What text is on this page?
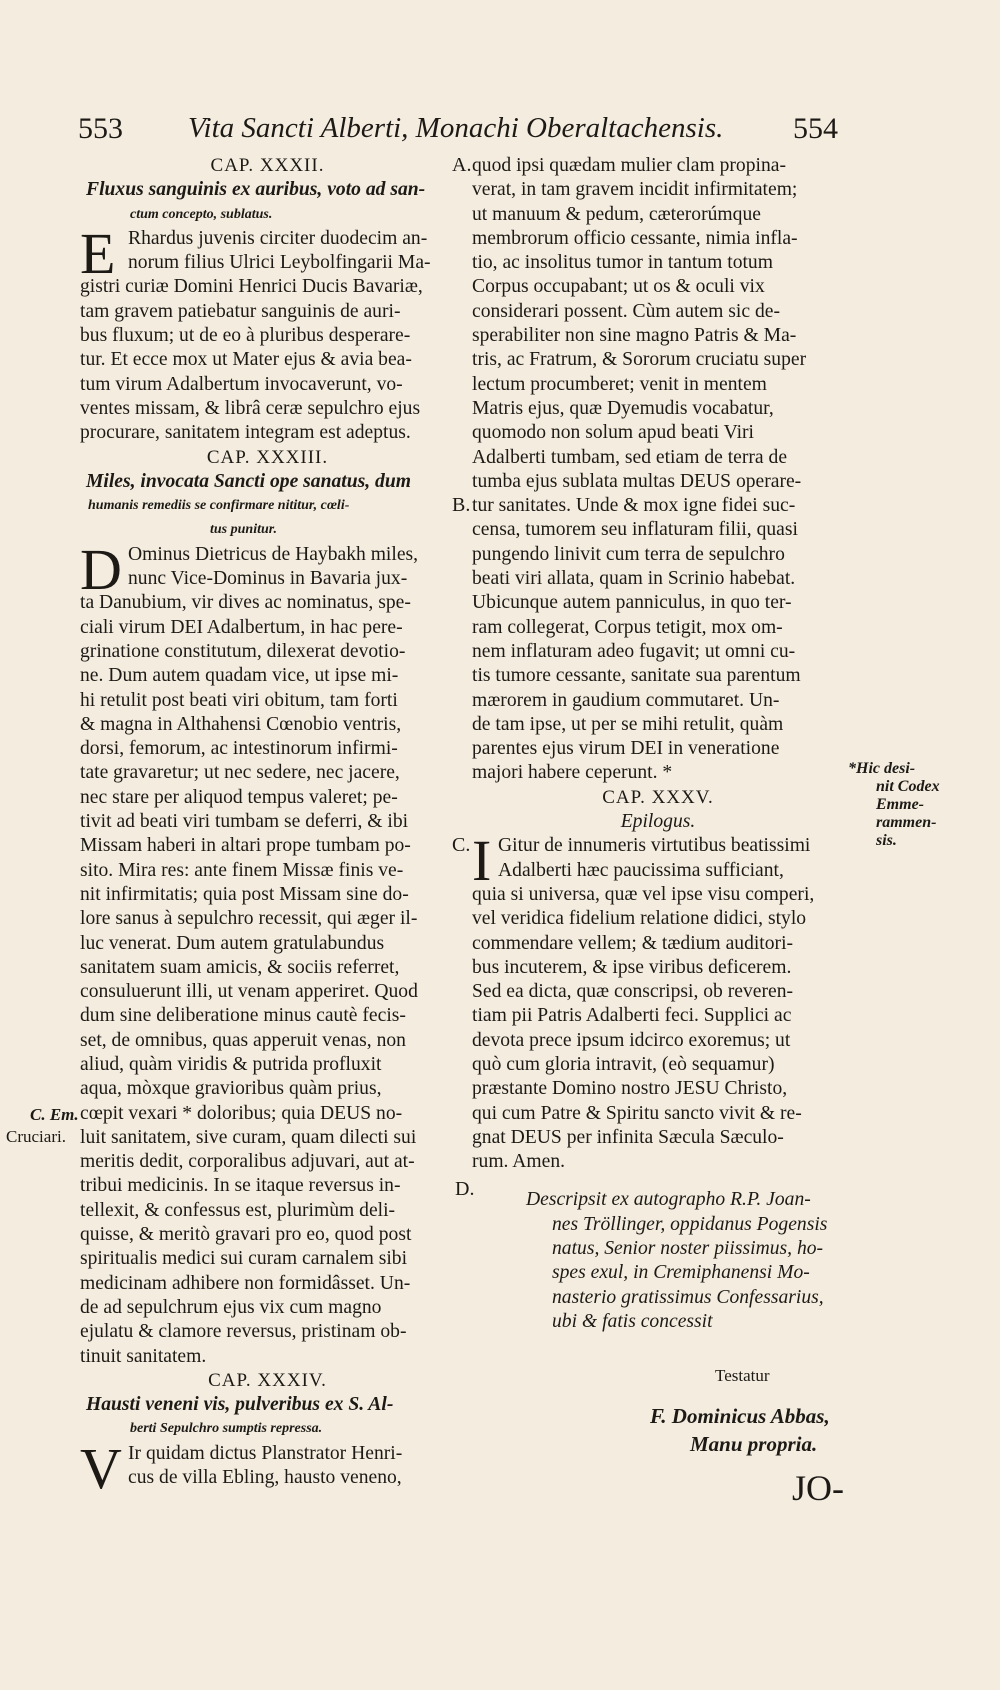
553 Vita Sancti Alberti, Monachi Oberaltachensis. 554
CAP. XXXII.
Fluxus sanguinis ex auribus, voto ad san-
ctum concepto, sublatus.
E Rhardus juvenis circiter duodecim an-
norum filius Ulrici Leybolfingarii Ma-
gistri curiæ Domini Henrici Ducis Bavariæ,
tam gravem patiebatur sanguinis de auri-
bus fluxum; ut de eo à pluribus desperare-
tur. Et ecce mox ut Mater ejus & avia bea-
tum virum Adalbertum invocaverunt, vo-
ventes missam, & librâ ceræ sepulchro ejus
procurare, sanitatem integram est adeptus.
CAP. XXXIII.
Miles, invocata Sancti ope sanatus, dum
humanis remediis se confirmare nititur, cœli-
tus punitur.
D Ominus Dietricus de Haybakh miles,
nunc Vice-Dominus in Bavaria jux-
ta Danubium, vir dives ac nominatus, spe-
ciali virum DEI Adalbertum, in hac pere-
grinatione constitutum, dilexerat devotio-
ne. Dum autem quadam vice, ut ipse mi-
hi retulit post beati viri obitum, tam forti
& magna in Althahensi Cœnobio ventris,
dorsi, femorum, ac intestinorum infirmi-
tate gravaretur; ut nec sedere, nec jacere,
nec stare per aliquod tempus valeret; pe-
tivit ad beati viri tumbam se deferri, & ibi
Missam haberi in altari prope tumbam po-
sito. Mira res: ante finem Missæ finis ve-
nit infirmitatis; quia post Missam sine do-
lore sanus à sepulchro recessit, qui æger il-
luc venerat. Dum autem gratulabundus
sanitatem suam amicis, & sociis referret,
consuluerunt illi, ut venam apperiret. Quod
dum sine deliberatione minus cautè fecis-
set, de omnibus, quas apperuit venas, non
aliud, quàm viridis & putrida profluxit
aqua, mòxque gravioribus quàm prius,
cœpit vexari * doloribus; quia DEUS no-
luit sanitatem, sive curam, quam dilecti sui
meritis dedit, corporalibus adjuvari, aut at-
tribui medicinis. In se itaque reversus in-
tellexit, & confessus est, plurimùm deli-
quisse, & meritò gravari pro eo, quod post
spiritualis medici sui curam carnalem sibi
medicinam adhibere non formidâsset. Un-
de ad sepulchrum ejus vix cum magno
ejulatu & clamore reversus, pristinam ob-
tinuit sanitatem.
CAP. XXXIV.
Hausti veneni vis, pulveribus ex S. Al-
berti Sepulchro sumptis repressa.
V Ir quidam dictus Planstrator Henri-
cus de villa Ebling, hausto veneno,
quod ipsi quædam mulier clam propina-
verat, in tam gravem incidit infirmitatem;
ut manuum & pedum, cæterorúmque
membrorum officio cessante, nimia infla-
tio, ac insolitus tumor in tantum totum
Corpus occupabant; ut os & oculi vix
considerari possent. Cùm autem sic de-
sperabiliter non sine magno Patris & Ma-
tris, ac Fratrum, & Sororum cruciatu super
lectum procumberet; venit in mentem
Matris ejus, quæ Dyemudis vocabatur,
quomodo non solum apud beati Viri
Adalberti tumbam, sed etiam de terra de
tumba ejus sublata multas DEUS operare-
tur sanitates. Unde & mox igne fidei suc-
censa, tumorem seu inflaturam filii, quasi
pungendo linivit cum terra de sepulchro
beati viri allata, quam in Scrinio habebat.
Ubicunque autem panniculus, in quo ter-
ram collegerat, Corpus tetigit, mox om-
nem inflaturam adeo fugavit; ut omni cu-
tis tumore cessante, sanitate sua parentum
mærorem in gaudium commutaret. Un-
de tam ipse, ut per se mihi retulit, quàm
parentes ejus virum DEI in veneratione
majori habere ceperunt. *
CAP. XXXV.
Epilogus.
I Gitur de innumeris virtutibus beatissimi
Adalberti hæc paucissima sufficiant,
quia si universa, quæ vel ipse visu comperi,
vel veridica fidelium relatione didici, stylo
commendare vellem; & tædium auditori-
bus incuterem, & ipse viribus deficerem.
Sed ea dicta, quæ conscripsi, ob reveren-
tiam pii Patris Adalberti feci. Supplici ac
devota prece ipsum idcirco exoremus; ut
quò cum gloria intravit, (eò sequamur)
præstante Domino nostro JESU Christo,
qui cum Patre & Spiritu sancto vivit & re-
gnat DEUS per infinita Sæcula Sæculo-
rum. Amen.
Descripsit ex autographo R.P. Joan-
nes Tröllinger, oppidanus Pogensis
natus, Senior noster piissimus, ho-
spes exul, in Cremiphanensi Mo-
nasterio gratissimus Confessarius,
ubi & fatis concessit
Testatur
F. Dominicus Abbas,
Manu propria.
JO-
A.
B.
C.
D.
*Hic desi-
nit Codex
Emme-
rammen-
sis.
C. Em.
Cruciari.
